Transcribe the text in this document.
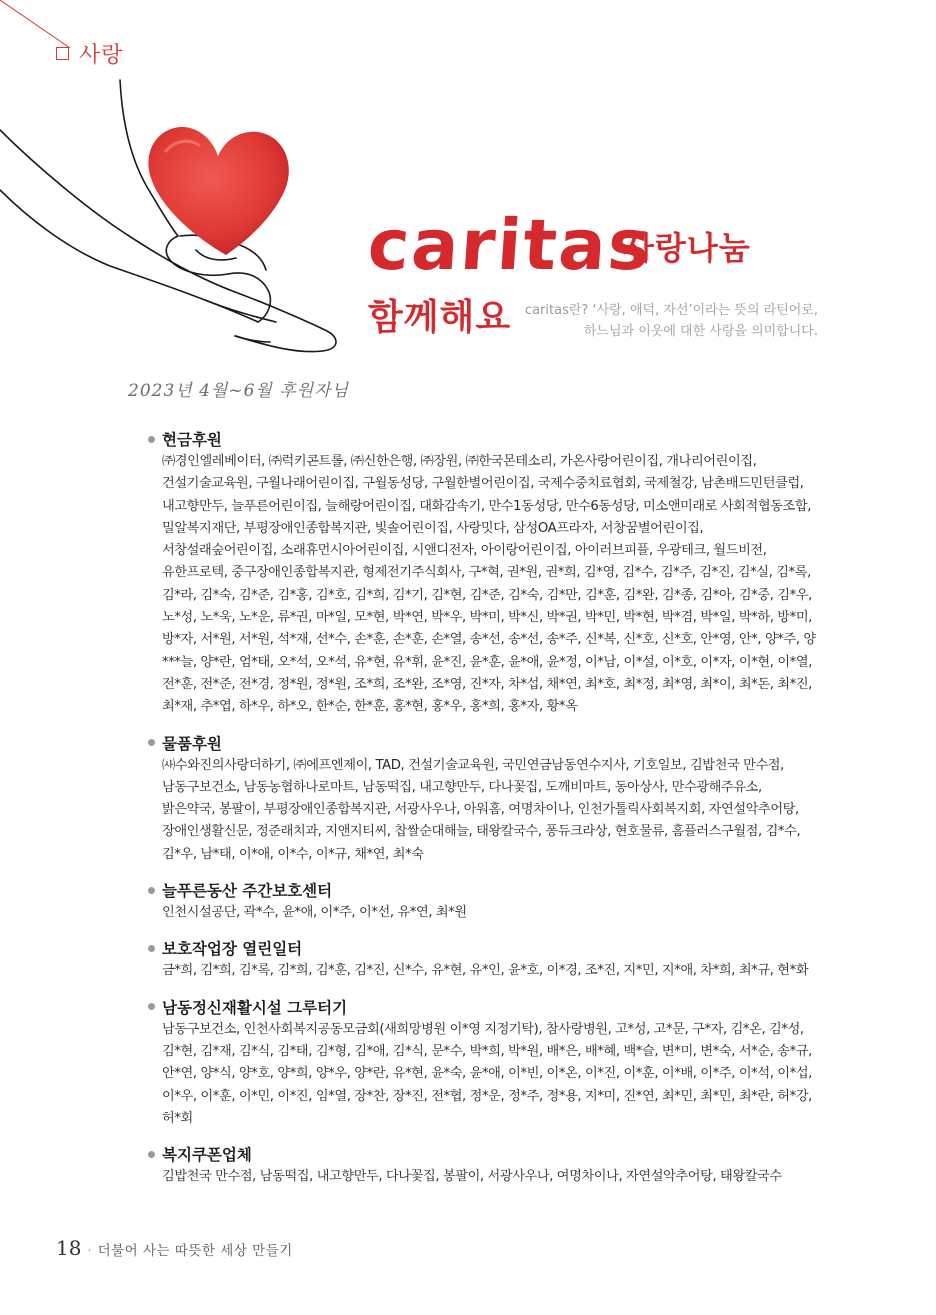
사랑
caritas
사랑나눔
함께해요 caritas란? ‘사랑, 애덕, 자선’이라는 뜻의 라틴어로,
하느님과 이웃에 대한 사랑을 의미합니다.
2023년 4월~6월 후원자님
현금후원
㈜경인엘레베이터, ㈜럭키콘트롤, ㈜신한은행, ㈜장원, ㈜한국몬테소리, 가온사랑어린이집, 개나리어린이집, 건설기술교육원, 구월나래어린이집, 구월동성당, 구월한별어린이집, 국제수중치료협회, 국제철강, 남촌배드민턴클럽, 내고향만두, 늘푸른어린이집, 늘해랑어린이집, 대화감속기, 만수1동성당, 만수6동성당, 미소앤미래로 사회적협동조합, 밀알복지재단, 부평장애인종합복지관, 빛솔어린이집, 사랑밋다, 삼성OA프라자, 서창꿈별어린이집, 서창설래숲어린이집, 소래휴먼시아어린이집, 시앤디전자, 아이랑어린이집, 아이러브피플, 우광테크, 월드비전, 유한프로텍, 중구장애인종합복지관, 형제전기주식회사, 구*혁, 권*원, 권*희, 김*영, 김*수, 김*주, 김*진, 김*실, 김*록, 김*라, 김*숙, 김*준, 김*홍, 김*호, 김*희, 김*기, 김*현, 김*준, 김*숙, 김*만, 김*훈, 김*완, 김*종, 김*아, 김*중, 김*우, 노*성, 노*욱, 노*운, 류*권, 마*일, 모*현, 박*연, 박*우, 박*미, 박*신, 박*권, 박*민, 박*현, 박*겸, 박*일, 박*하, 방*미, 방*자, 서*원, 서*원, 석*재, 선*수, 손*훈, 손*훈, 손*열, 송*선, 송*선, 송*주, 신*복, 신*호, 신*호, 안*영, 안*, 양*주, 양***늘, 양*란, 엄*태, 오*석, 오*석, 유*현, 유*휘, 윤*진, 윤*훈, 윤*애, 윤*정, 이*남, 이*설, 이*호, 이*자, 이*현, 이*열, 전*훈, 전*준, 전*경, 정*원, 정*원, 조*희, 조*완, 조*영, 진*자, 차*섭, 채*연, 최*호, 최*정, 최*영, 최*이, 최*돈, 최*진, 최*재, 추*엽, 하*우, 하*오, 한*순, 한*훈, 홍*현, 홍*우, 홍*희, 홍*자, 황*옥
물품후원
㈔수와진의사랑더하기, ㈜에프엔제이, TAD, 건설기술교육원, 국민연금남동연수지사, 기호일보, 김밥천국 만수점, 남동구보건소, 남동농협하나로마트, 남동떡집, 내고향만두, 다나꽃집, 도깨비마트, 동아상사, 만수광해주유소, 밝은약국, 봉팔이, 부평장애인종합복지관, 서광사우나, 아워홈, 여명차이나, 인천가톨릭사회복지회, 자연설악추어탕, 장애인생활신문, 정준래치과, 지앤지티씨, 찹쌀순대해늘, 태왕칼국수, 퐁듀크라상, 현호물류, 홈플러스구월점, 김*수, 김*우, 남*태, 이*애, 이*수, 이*규, 채*연, 최*숙
늘푸른동산 주간보호센터
인천시설공단, 곽*수, 윤*애, 이*주, 이*선, 유*연, 최*원
보호작업장 열린일터
금*희, 김*희, 김*록, 김*희, 김*훈, 김*진, 신*수, 유*현, 유*인, 윤*호, 이*경, 조*진, 지*민, 지*애, 차*희, 최*규, 현*화
남동정신재활시설 그루터기
남동구보건소, 인천사회복지공동모금회(새희망병원 이*영 지정기탁), 참사랑병원, 고*성, 고*문, 구*자, 김*온, 김*성, 김*현, 김*재, 김*식, 김*태, 김*형, 김*애, 김*식, 문*수, 박*희, 박*원, 배*은, 배*혜, 백*슬, 변*미, 변*숙, 서*순, 송*규, 안*연, 양*식, 양*호, 양*희, 양*우, 양*란, 유*현, 윤*숙, 윤*애, 이*빈, 이*온, 이*진, 이*훈, 이*배, 이*주, 이*석, 이*섭, 이*우, 이*훈, 이*민, 이*진, 임*열, 장*찬, 장*진, 전*협, 정*운, 정*주, 정*용, 지*미, 진*연, 최*민, 최*민, 최*란, 허*강, 허*회
복지쿠폰업체
김밥천국 만수점, 남동떡집, 내고향만두, 다나꽃집, 봉팔이, 서광사우나, 여명차이나, 자연설악추어탕, 태왕칼국수
18 · 더불어 사는 따뜻한 세상 만들기
